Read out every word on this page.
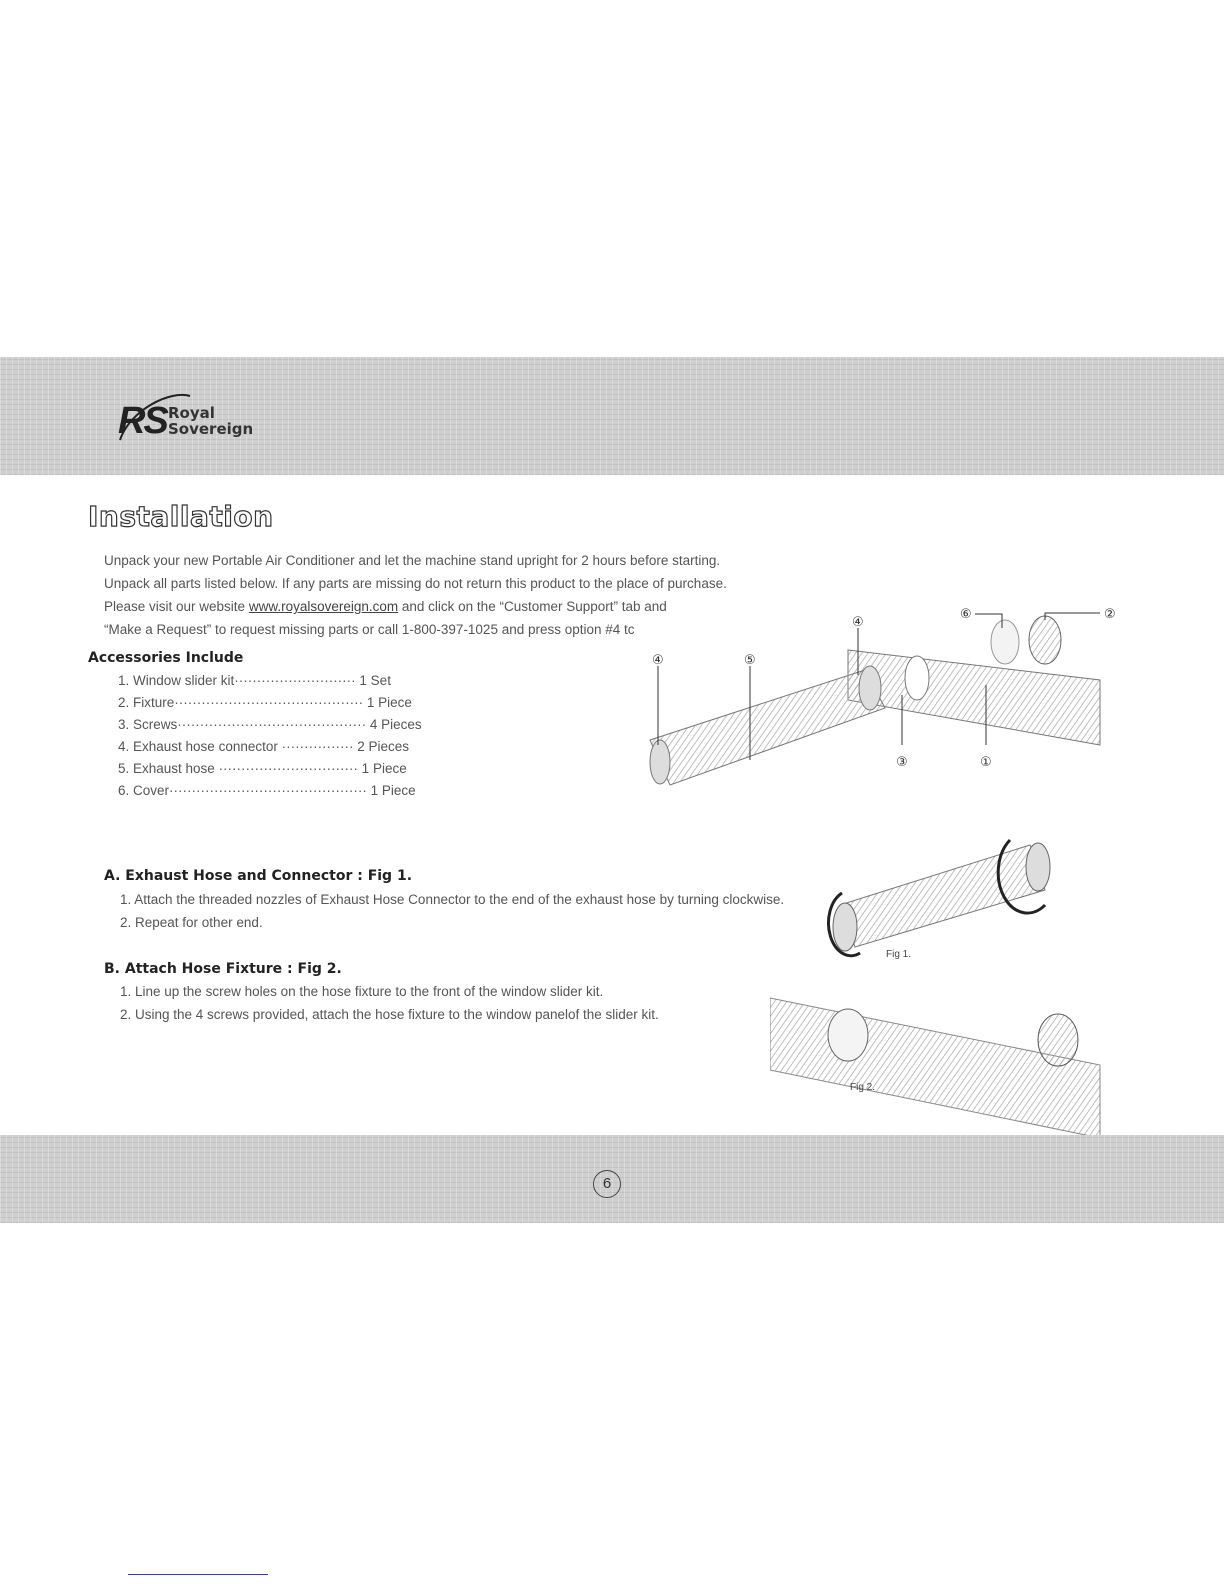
RS Royal
Sovereign
Installation

Unpack your new Portable Air Conditioner and let the machine stand upright for 2 hours before starting.

Unpack all parts listed below. If any parts are missing do not return this product to the place of purchase.

Please visit our website www.royalsovereign.com and click on the “Customer Support” tab and

“Make a Request” to request missing parts or call 1-800-397-1025 and press option #4 tc

Accessories Include
1. Window slider kit··························· 1 Set
2. Fixture·········································· 1 Piece
3. Screws·········································· 4 Pieces
4. Exhaust hose connector ················ 2 Pieces
5. Exhaust hose ······························· 1 Piece
6. Cover············································ 1 Piece
④	⑤
④
③	①
⑥	②
A. Exhaust Hose and Connector : Fig 1.
1. Attach the threaded nozzles of Exhaust Hose Connector to the end of the exhaust hose by turning clockwise.
2. Repeat for other end.
Fig 1.
B. Attach Hose Fixture : Fig 2.
1. Line up the screw holes on the hose fixture to the front of the window slider kit.
2. Using the 4 screws provided, attach the hose fixture to the window panelof the slider kit.
Fig 2.
6
